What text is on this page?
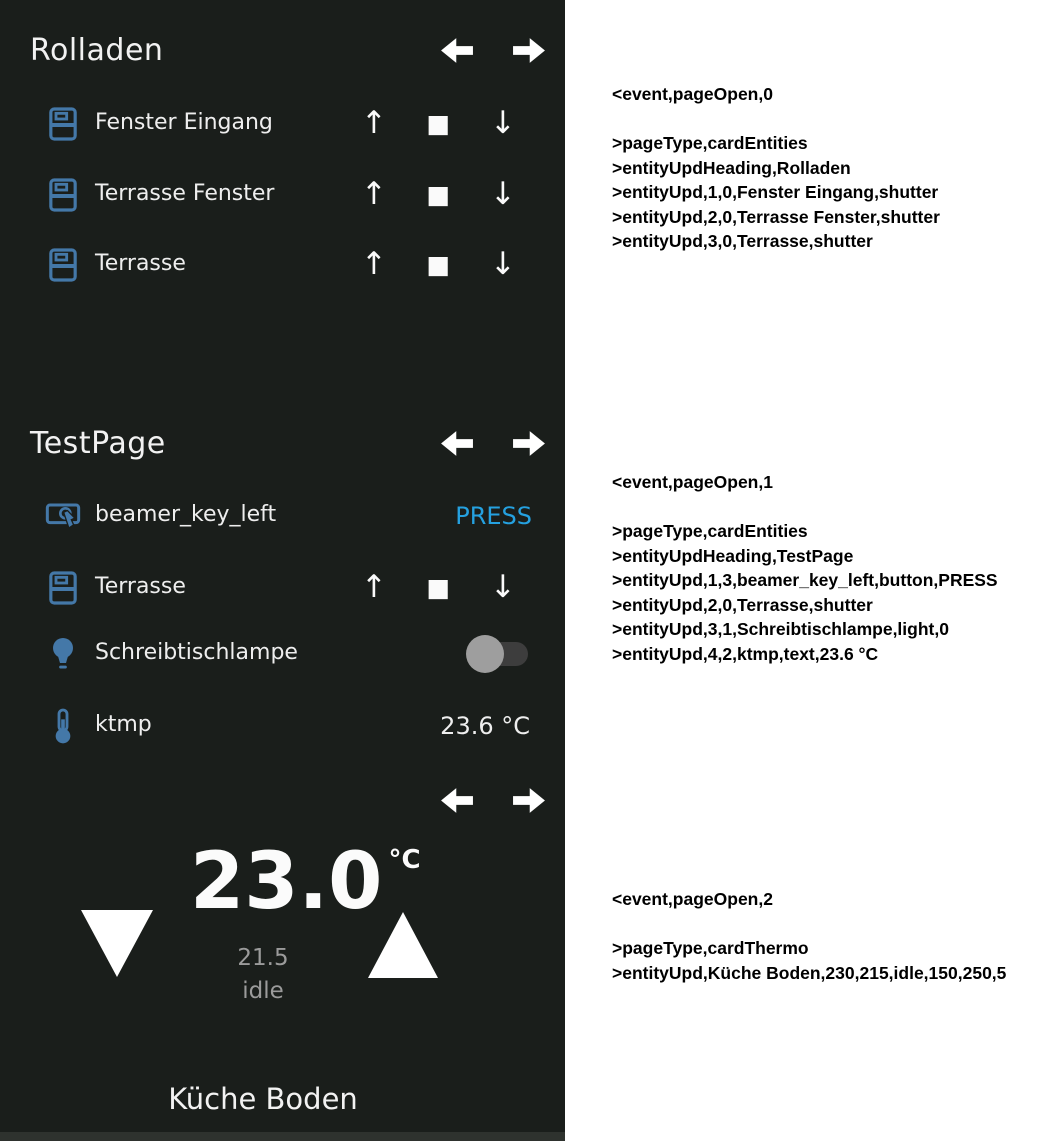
Rolladen
Fenster Eingang	↑ ■ ↓
Terrasse Fenster	↑ ■ ↓
Terrasse	↑ ■ ↓
TestPage
beamer_key_left	PRESS
Terrasse	↑ ■ ↓
Schreibtischlampe
ktmp	23.6 °C
23.0 °C
21.5
idle
Küche Boden
<event,pageOpen,0
>pageType,cardEntities
>entityUpdHeading,Rolladen
>entityUpd,1,0,Fenster Eingang,shutter
>entityUpd,2,0,Terrasse Fenster,shutter
>entityUpd,3,0,Terrasse,shutter
<event,pageOpen,1
>pageType,cardEntities
>entityUpdHeading,TestPage
>entityUpd,1,3,beamer_key_left,button,PRESS
>entityUpd,2,0,Terrasse,shutter
>entityUpd,3,1,Schreibtischlampe,light,0
>entityUpd,4,2,ktmp,text,23.6 °C
<event,pageOpen,2
>pageType,cardThermo
>entityUpd,Küche Boden,230,215,idle,150,250,5
